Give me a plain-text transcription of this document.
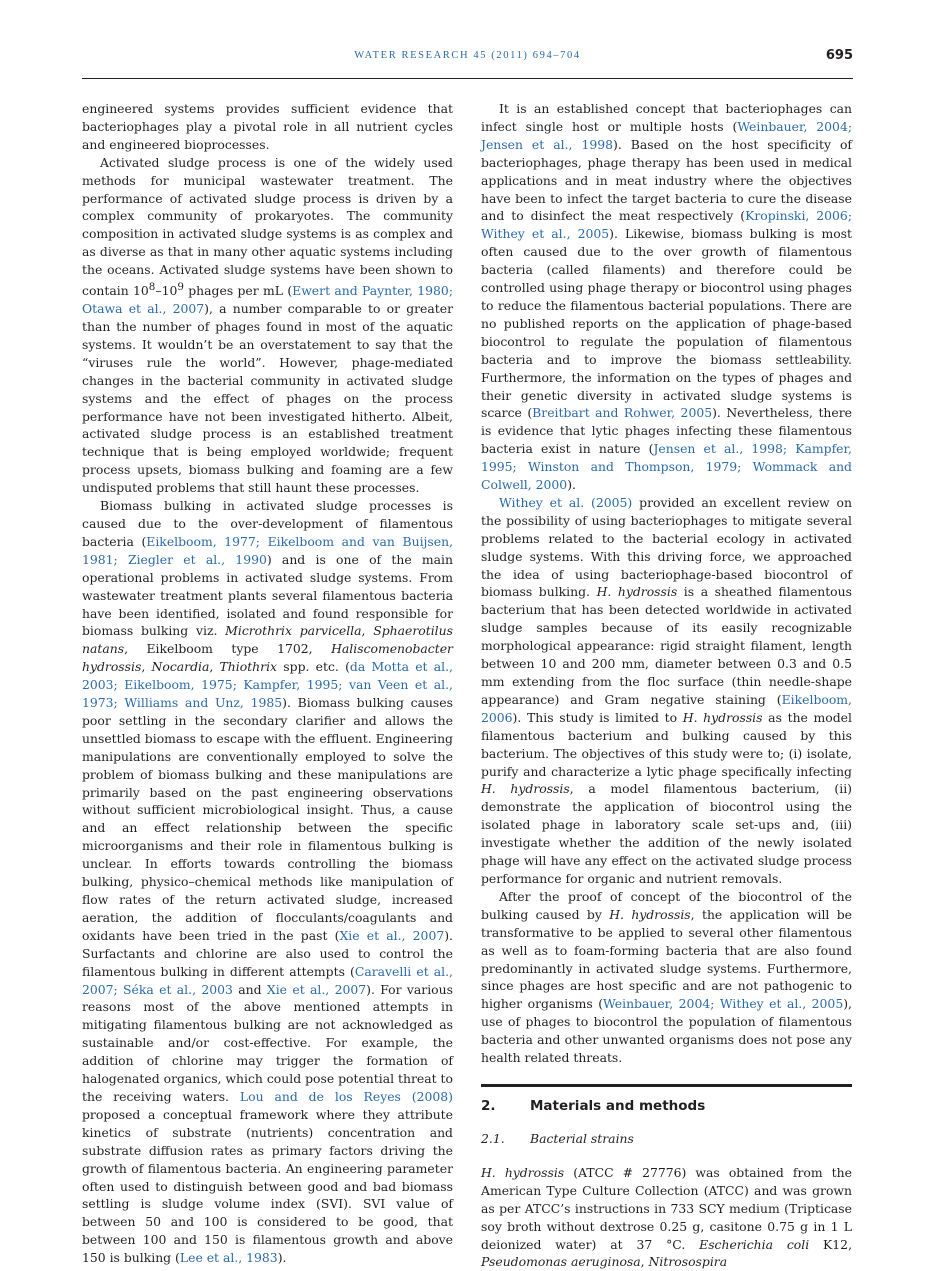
WATER RESEARCH 45 (2011) 694–704	695

engineered systems provides sufficient evidence that bacteriophages play a pivotal role in all nutrient cycles and engineered bioprocesses.

Activated sludge process is one of the widely used methods for municipal wastewater treatment. The performance of activated sludge process is driven by a complex community of prokaryotes. The community composition in activated sludge systems is as complex and as diverse as that in many other aquatic systems including the oceans. Activated sludge systems have been shown to contain $10^8-10^9$ phages per mL (Ewert and Paynter, 1980; Otawa et al., 2007), a number comparable to or greater than the number of phages found in most of the aquatic systems. It wouldn’t be an overstatement to say that the “viruses rule the world”. However, phage-mediated changes in the bacterial community in activated sludge systems and the effect of phages on the process performance have not been investigated hitherto. Albeit, activated sludge process is an established treatment technique that is being employed worldwide; frequent process upsets, biomass bulking and foaming are a few undisputed problems that still haunt these processes.

Biomass bulking in activated sludge processes is caused due to the over-development of filamentous bacteria (Eikelboom, 1977; Eikelboom and van Buijsen, 1981; Ziegler et al., 1990) and is one of the main operational problems in activated sludge systems. From wastewater treatment plants several filamentous bacteria have been identified, isolated and found responsible for biomass bulking viz. Microthrix parvicella, Sphaerotilus natans, Eikelboom type 1702, Haliscomenobacter hydrossis, Nocardia, Thiothrix spp. etc. (da Motta et al., 2003; Eikelboom, 1975; Kampfer, 1995; van Veen et al., 1973; Williams and Unz, 1985). Biomass bulking causes poor settling in the secondary clarifier and allows the unsettled biomass to escape with the effluent. Engineering manipulations are conventionally employed to solve the problem of biomass bulking and these manipulations are primarily based on the past engineering observations without sufficient microbiological insight. Thus, a cause and an effect relationship between the specific microorganisms and their role in filamentous bulking is unclear. In efforts towards controlling the biomass bulking, physico–chemical methods like manipulation of flow rates of the return activated sludge, increased aeration, the addition of flocculants/coagulants and oxidants have been tried in the past (Xie et al., 2007). Surfactants and chlorine are also used to control the filamentous bulking in different attempts (Caravelli et al., 2007; Séka et al., 2003 and Xie et al., 2007). For various reasons most of the above mentioned attempts in mitigating filamentous bulking are not acknowledged as sustainable and/or cost-effective. For example, the addition of chlorine may trigger the formation of halogenated organics, which could pose potential threat to the receiving waters. Lou and de los Reyes (2008) proposed a conceptual framework where they attribute kinetics of substrate (nutrients) concentration and substrate diffusion rates as primary factors driving the growth of filamentous bacteria. An engineering parameter often used to distinguish between good and bad biomass settling is sludge volume index (SVI). SVI value of between 50 and 100 is considered to be good, that between 100 and 150 is filamentous growth and above 150 is bulking (Lee et al., 1983).

It is an established concept that bacteriophages can infect single host or multiple hosts (Weinbauer, 2004; Jensen et al., 1998). Based on the host specificity of bacteriophages, phage therapy has been used in medical applications and in meat industry where the objectives have been to infect the target bacteria to cure the disease and to disinfect the meat respectively (Kropinski, 2006; Withey et al., 2005). Likewise, biomass bulking is most often caused due to the over growth of filamentous bacteria (called filaments) and therefore could be controlled using phage therapy or biocontrol using phages to reduce the filamentous bacterial populations. There are no published reports on the application of phage-based biocontrol to regulate the population of filamentous bacteria and to improve the biomass settleability. Furthermore, the information on the types of phages and their genetic diversity in activated sludge systems is scarce (Breitbart and Rohwer, 2005). Nevertheless, there is evidence that lytic phages infecting these filamentous bacteria exist in nature (Jensen et al., 1998; Kampfer, 1995; Winston and Thompson, 1979; Wommack and Colwell, 2000).

Withey et al. (2005) provided an excellent review on the possibility of using bacteriophages to mitigate several problems related to the bacterial ecology in activated sludge systems. With this driving force, we approached the idea of using bacteriophage-based biocontrol of biomass bulking. H. hydrossis is a sheathed filamentous bacterium that has been detected worldwide in activated sludge samples because of its easily recognizable morphological appearance: rigid straight filament, length between 10 and 200 mm, diameter between 0.3 and 0.5 mm extending from the floc surface (thin needle-shape appearance) and Gram negative staining (Eikelboom, 2006). This study is limited to H. hydrossis as the model filamentous bacterium and bulking caused by this bacterium. The objectives of this study were to; (i) isolate, purify and characterize a lytic phage specifically infecting H. hydrossis, a model filamentous bacterium, (ii) demonstrate the application of biocontrol using the isolated phage in laboratory scale set-ups and, (iii) investigate whether the addition of the newly isolated phage will have any effect on the activated sludge process performance for organic and nutrient removals.

After the proof of concept of the biocontrol of the bulking caused by H. hydrossis, the application will be transformative to be applied to several other filamentous as well as to foam-forming bacteria that are also found predominantly in activated sludge systems. Furthermore, since phages are host specific and are not pathogenic to higher organisms (Weinbauer, 2004; Withey et al., 2005), use of phages to biocontrol the population of filamentous bacteria and other unwanted organisms does not pose any health related threats.

2.	Materials and methods
2.1. Bacterial strains

H. hydrossis (ATCC # 27776) was obtained from the American Type Culture Collection (ATCC) and was grown as per ATCC’s instructions in 733 SCY medium (Tripticase soy broth without dextrose 0.25 g, casitone 0.75 g in 1 L deionized water) at 37 °C. Escherichia coli K12, Pseudomonas aeruginosa, Nitrosospira
